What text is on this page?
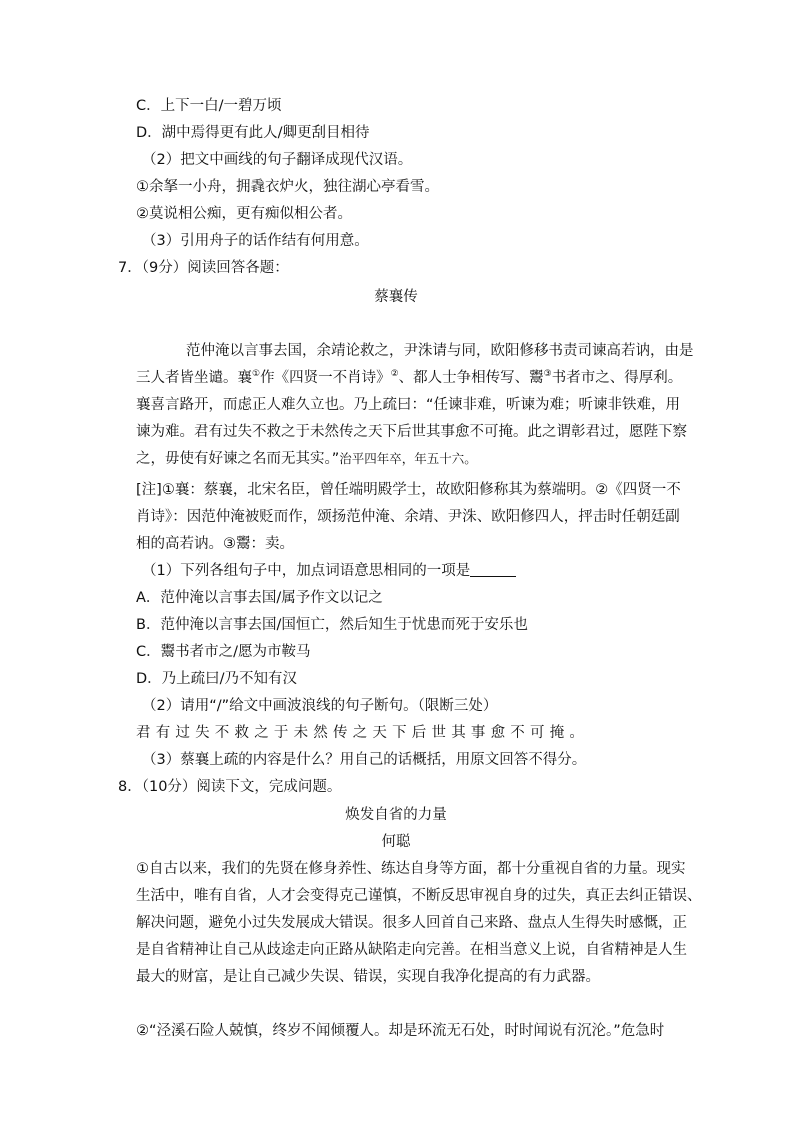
C．上下一白/一碧万顷
D．湖中焉得更有此人/卿更刮目相待
（2）把文中画线的句子翻译成现代汉语。
①余拏一小舟，拥毳衣炉火，独往湖心亭看雪。
②莫说相公痴，更有痴似相公者。
（3）引用舟子的话作结有何用意。
7．（9分）阅读回答各题：
蔡襄传
范仲淹以言事去国，余靖论救之，尹洙请与同，欧阳修移书责司谏高若讷，由是
三人者皆坐谴。襄①作《四贤一不肖诗》②、都人士争相传写、鬻③书者市之、得厚利。
襄喜言路开，而虑正人难久立也。乃上疏曰：“任谏非难，听谏为难；听谏非铁难，用
谏为难。君有过失不救之于未然传之天下后世其事愈不可掩。此之谓彰君过，愿陛下察
之，毋使有好谏之名而无其实。”治平四年卒，年五十六。
[注]①襄：蔡襄，北宋名臣，曾任端明殿学士，故欧阳修称其为蔡端明。②《四贤一不
肖诗》：因范仲淹被贬而作，颂扬范仲淹、余靖、尹洙、欧阳修四人，抨击时任朝廷副
相的高若讷。③鬻：卖。
（1）下列各组句子中，加点词语意思相同的一项是
A．范仲淹以言事去国/属予作文以记之
B．范仲淹以言事去国/国恒亡，然后知生于忧患而死于安乐也
C．鬻书者市之/愿为市鞍马
D．乃上疏曰/乃不知有汉
（2）请用“/”给文中画波浪线的句子断句。（限断三处）
君有过失不救之于未然传之天下后世其事愈不可掩。
（3）蔡襄上疏的内容是什么？用自己的话概括，用原文回答不得分。
8．（10分）阅读下文，完成问题。
焕发自省的力量
何聪
①自古以来，我们的先贤在修身养性、练达自身等方面，都十分重视自省的力量。现实
生活中，唯有自省，人才会变得克己谨慎，不断反思审视自身的过失，真正去纠正错误、
解决问题，避免小过失发展成大错误。很多人回首自己来路、盘点人生得失时感慨，正
是自省精神让自己从歧途走向正路从缺陷走向完善。在相当意义上说，自省精神是人生
最大的财富，是让自己减少失误、错误，实现自我净化提高的有力武器。
②“泾溪石险人兢慎，终岁不闻倾覆人。却是环流无石处，时时闻说有沉沦。”危急时
